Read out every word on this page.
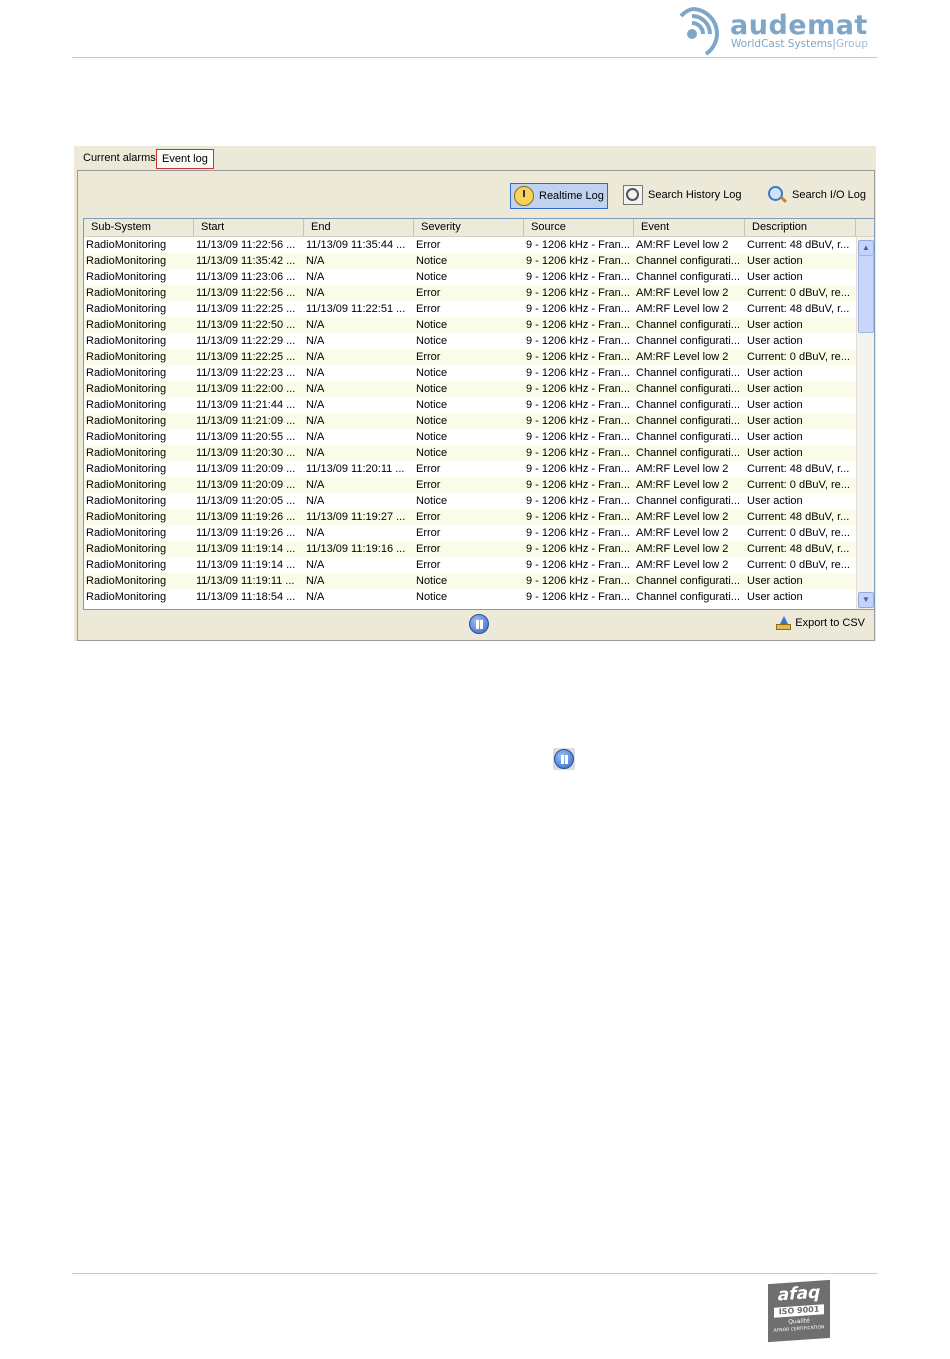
audemat
WorldCast Systems|Group
Current alarms Event log
Realtime Log	Search History Log	Search I/O Log
Sub-System	Start	End	Severity	Source	Event	Description
RadioMonitoring	11/13/09 11:22:56 ... 11/13/09 11:35:44 ... Error	9 - 1206 kHz - Fran... AM:RF Level low 2	Current: 48 dBuV, r...
RadioMonitoring	11/13/09 11:35:42 ... N/A	Notice	9 - 1206 kHz - Fran... Channel configurati... User action
RadioMonitoring	11/13/09 11:23:06 ... N/A	Notice	9 - 1206 kHz - Fran... Channel configurati... User action
RadioMonitoring	11/13/09 11:22:56 ... N/A	Error	9 - 1206 kHz - Fran... AM:RF Level low 2	Current: 0 dBuV, re...
RadioMonitoring	11/13/09 11:22:25 ... 11/13/09 11:22:51 ... Error	9 - 1206 kHz - Fran... AM:RF Level low 2	Current: 48 dBuV, r...
RadioMonitoring	11/13/09 11:22:50 ... N/A	Notice	9 - 1206 kHz - Fran... Channel configurati... User action
RadioMonitoring	11/13/09 11:22:29 ... N/A	Notice	9 - 1206 kHz - Fran... Channel configurati... User action
RadioMonitoring	11/13/09 11:22:25 ... N/A	Error	9 - 1206 kHz - Fran... AM:RF Level low 2	Current: 0 dBuV, re...
RadioMonitoring	11/13/09 11:22:23 ... N/A	Notice	9 - 1206 kHz - Fran... Channel configurati... User action
RadioMonitoring	11/13/09 11:22:00 ... N/A	Notice	9 - 1206 kHz - Fran... Channel configurati... User action
RadioMonitoring	11/13/09 11:21:44 ... N/A	Notice	9 - 1206 kHz - Fran... Channel configurati... User action
RadioMonitoring	11/13/09 11:21:09 ... N/A	Notice	9 - 1206 kHz - Fran... Channel configurati... User action
RadioMonitoring	11/13/09 11:20:55 ... N/A	Notice	9 - 1206 kHz - Fran... Channel configurati... User action
RadioMonitoring	11/13/09 11:20:30 ... N/A	Notice	9 - 1206 kHz - Fran... Channel configurati... User action
RadioMonitoring	11/13/09 11:20:09 ... 11/13/09 11:20:11 ...	Error	9 - 1206 kHz - Fran... AM:RF Level low 2	Current: 48 dBuV, r...
RadioMonitoring	11/13/09 11:20:09 ... N/A	Error	9 - 1206 kHz - Fran... AM:RF Level low 2	Current: 0 dBuV, re...
RadioMonitoring	11/13/09 11:20:05 ... N/A	Notice	9 - 1206 kHz - Fran... Channel configurati... User action
RadioMonitoring	11/13/09 11:19:26 ... 11/13/09 11:19:27 ... Error	9 - 1206 kHz - Fran... AM:RF Level low 2	Current: 48 dBuV, r...
RadioMonitoring	11/13/09 11:19:26 ... N/A	Error	9 - 1206 kHz - Fran... AM:RF Level low 2	Current: 0 dBuV, re...
RadioMonitoring	11/13/09 11:19:14 ... 11/13/09 11:19:16 ... Error	9 - 1206 kHz - Fran... AM:RF Level low 2	Current: 48 dBuV, r...
RadioMonitoring	11/13/09 11:19:14 ... N/A	Error	9 - 1206 kHz - Fran... AM:RF Level low 2	Current: 0 dBuV, re...
RadioMonitoring	11/13/09 11:19:11 ...	N/A	Notice	9 - 1206 kHz - Fran... Channel configurati... User action
RadioMonitoring	11/13/09 11:18:54 ... N/A	Notice	9 - 1206 kHz - Fran... Channel configurati... User action
▲
▼
Export to CSV
afaq
ISO 9001
Qualité
AFNOR CERTIFICATION
